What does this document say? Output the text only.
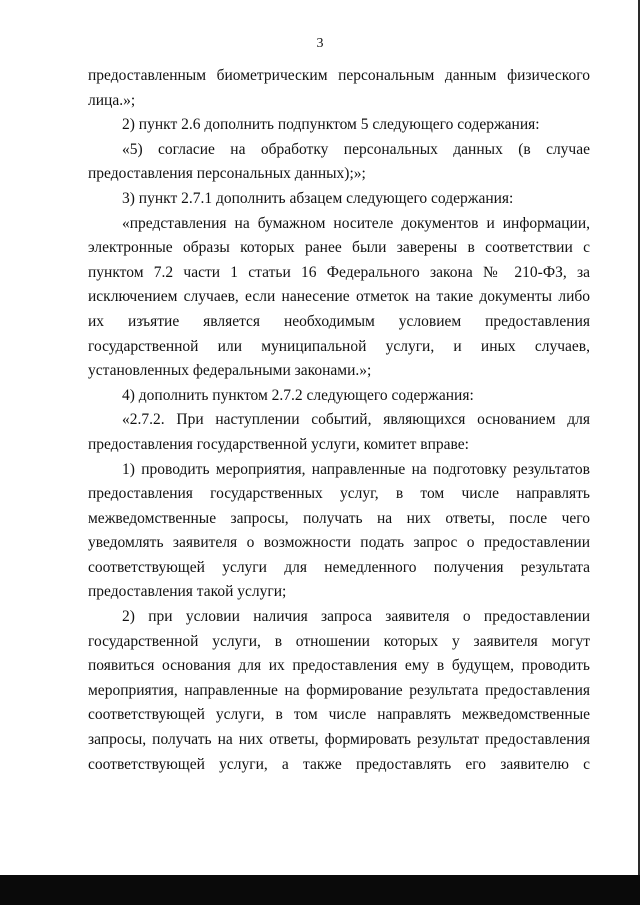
3

предоставленным биометрическим персональным данным физического лица.»;

2) пункт 2.6 дополнить подпунктом 5 следующего содержания:

«5) согласие на обработку персональных данных (в случае предоставления персональных данных);»;

3) пункт 2.7.1 дополнить абзацем следующего содержания:

«представления на бумажном носителе документов и информации, электронные образы которых ранее были заверены в соответствии с пунктом 7.2 части 1 статьи 16 Федерального закона № 210-ФЗ, за исключением случаев, если нанесение отметок на такие документы либо их изъятие является необходимым условием предоставления государственной или муниципальной услуги, и иных случаев, установленных федеральными законами.»;

4) дополнить пунктом 2.7.2 следующего содержания:

«2.7.2. При наступлении событий, являющихся основанием для предоставления государственной услуги, комитет вправе:

1) проводить мероприятия, направленные на подготовку результатов предоставления государственных услуг, в том числе направлять межведомственные запросы, получать на них ответы, после чего уведомлять заявителя о возможности подать запрос о предоставлении соответствующей услуги для немедленного получения результата предоставления такой услуги;

2) при условии наличия запроса заявителя о предоставлении государственной услуги, в отношении которых у заявителя могут появиться основания для их предоставления ему в будущем, проводить мероприятия, направленные на формирование результата предоставления соответствующей услуги, в том числе направлять межведомственные запросы, получать на них ответы, формировать результат предоставления соответствующей услуги, а также предоставлять его заявителю с
